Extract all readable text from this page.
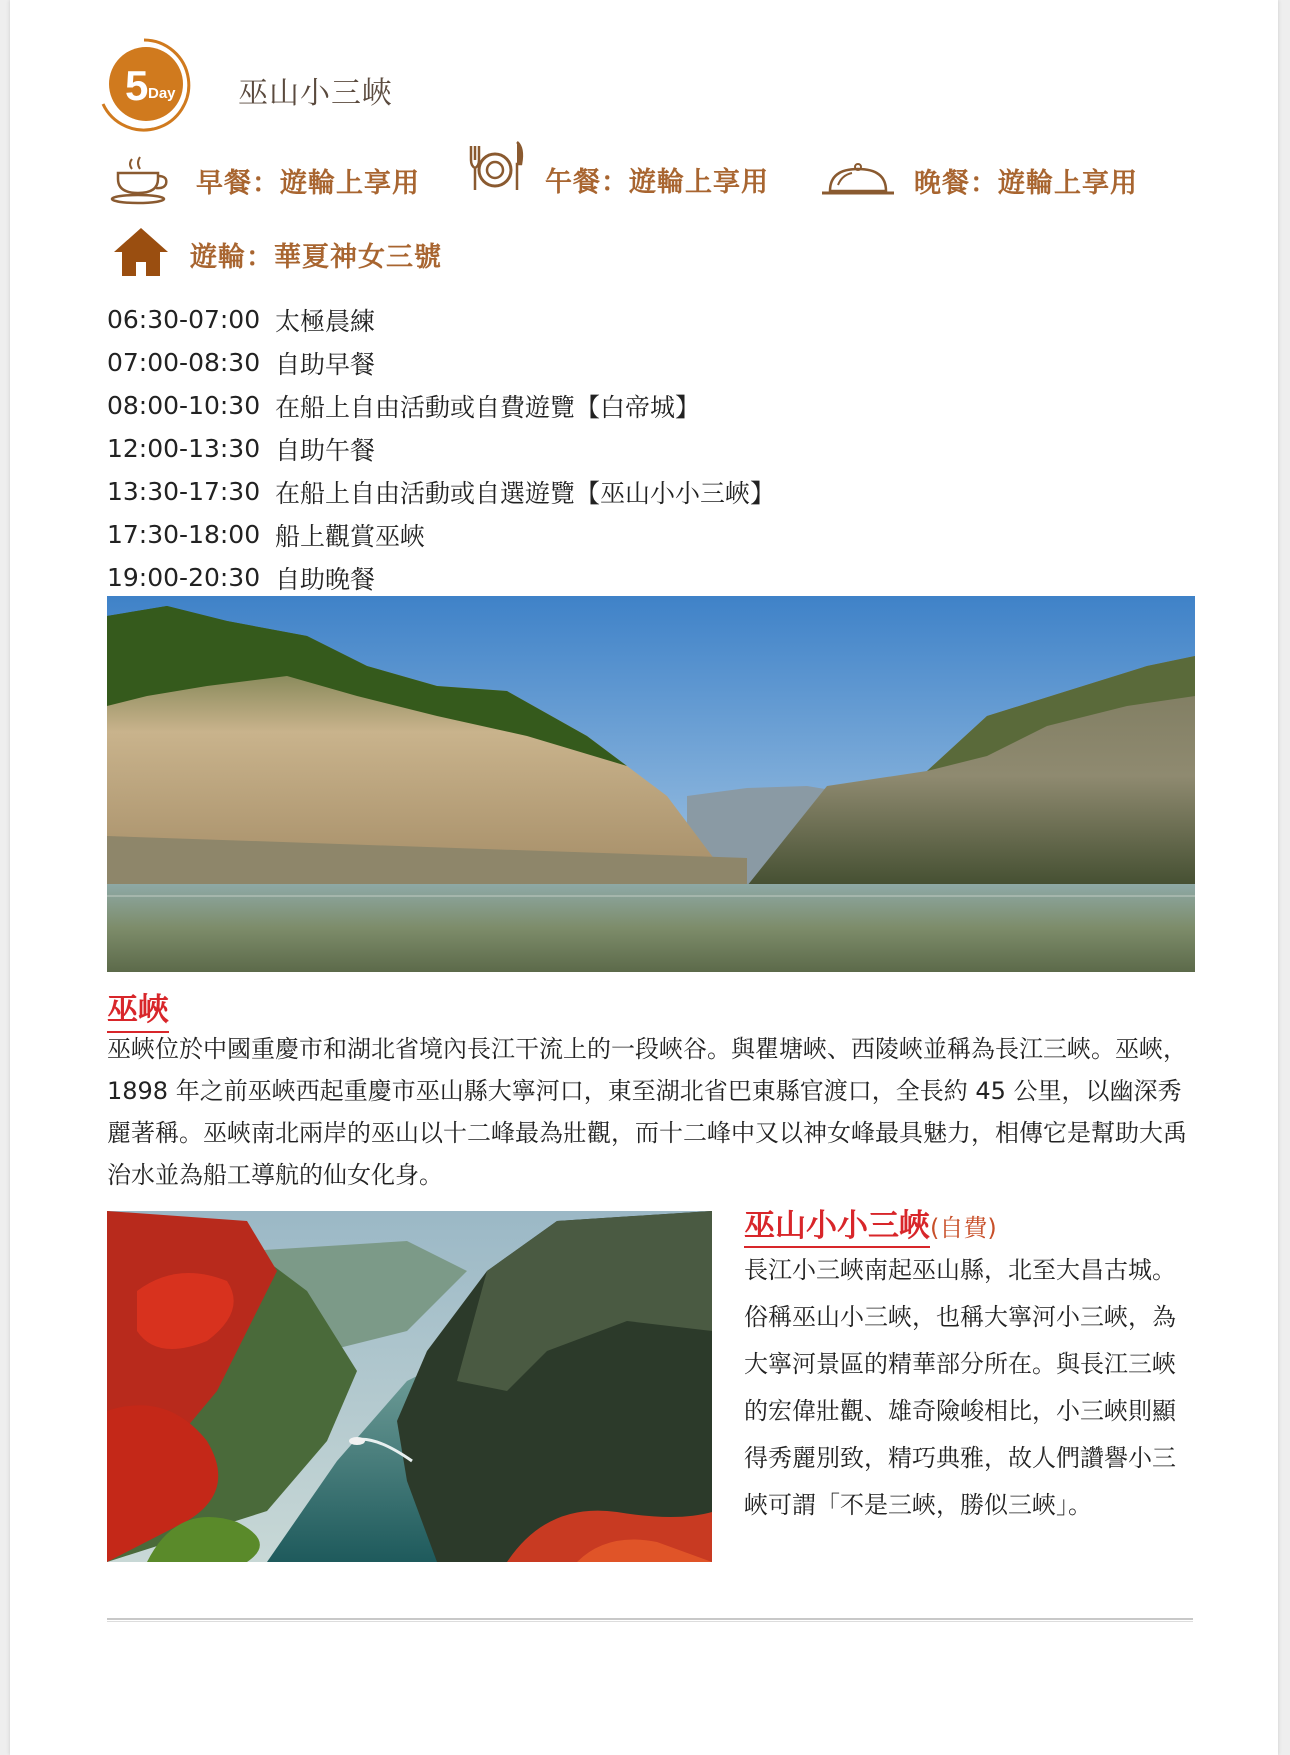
5 Day 巫山小三峽
早餐：遊輪上享用	午餐：遊輪上享用	晚餐：遊輪上享用
遊輪：華夏神女三號
06:30-07:00 太極晨練
07:00-08:30 自助早餐
08:00-10:30 在船上自由活動或自費遊覽【白帝城】
12:00-13:30 自助午餐
13:30-17:30 在船上自由活動或自選遊覽【巫山小小三峽】
17:30-18:00 船上觀賞巫峽
19:00-20:30 自助晚餐
巫峽
巫峽位於中國重慶市和湖北省境內長江干流上的一段峽谷。與瞿塘峽、西陵峽並稱為長江三峽。巫峽，1898 年之前巫峽西起重慶市巫山縣大寧河口，東至湖北省巴東縣官渡口，全長約 45 公里，以幽深秀麗著稱。巫峽南北兩岸的巫山以十二峰最為壯觀，而十二峰中又以神女峰最具魅力，相傳它是幫助大禹治水並為船工導航的仙女化身。
巫山小小三峽(自費)
長江小三峽南起巫山縣，北至大昌古城。俗稱巫山小三峽，也稱大寧河小三峽，為大寧河景區的精華部分所在。與長江三峽的宏偉壯觀、雄奇險峻相比，小三峽則顯得秀麗別致，精巧典雅，故人們讚譽小三峽可謂「不是三峽，勝似三峽」。
